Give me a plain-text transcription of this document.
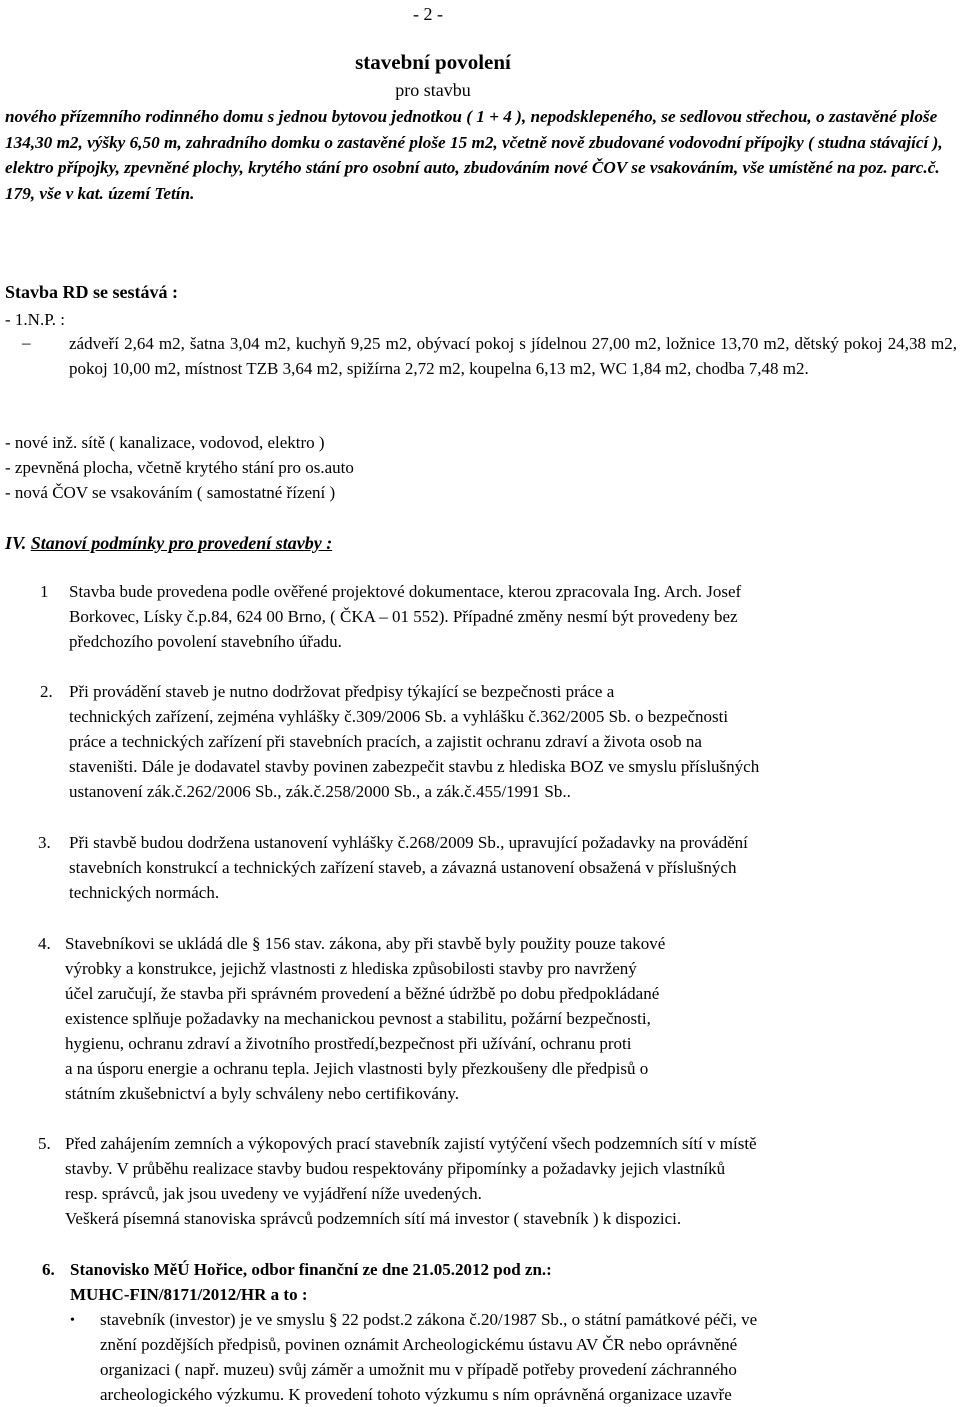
- 2 -
stavební povolení
pro stavbu
nového přízemního rodinného domu s jednou bytovou jednotkou ( 1 + 4 ), nepodsklepeného, se sedlovou střechou, o zastavěné ploše 134,30 m2, výšky 6,50 m, zahradního domku o zastavěné ploše 15 m2, včetně nově zbudované vodovodní přípojky ( studna stávající ), elektro přípojky, zpevněné plochy, krytého stání pro osobní auto, zbudováním nové ČOV se vsakováním, vše umístěné na poz. parc.č. 179, vše v kat. území Tetín.
Stavba RD se sestává :
- 1.N.P. :
– zádveří 2,64 m2, šatna 3,04 m2, kuchyň 9,25 m2, obývací pokoj s jídelnou 27,00 m2, ložnice 13,70 m2, dětský pokoj 24,38 m2, pokoj 10,00 m2, místnost TZB 3,64 m2, spižírna 2,72 m2, koupelna 6,13 m2, WC 1,84 m2, chodba 7,48 m2.
- nové inž. sítě ( kanalizace, vodovod, elektro )
- zpevněná plocha, včetně krytého stání pro os.auto
- nová ČOV se vsakováním ( samostatné řízení )
IV. Stanoví podmínky pro provedení stavby :
1 Stavba bude provedena podle ověřené projektové dokumentace, kterou zpracovala Ing. Arch. Josef
Borkovec, Lísky č.p.84, 624 00 Brno, ( ČKA – 01 552). Případné změny nesmí být provedeny bez
předchozího povolení stavebního úřadu.
2. Při provádění staveb je nutno dodržovat předpisy týkající se bezpečnosti práce a
technických zařízení, zejména vyhlášky č.309/2006 Sb. a vyhlášku č.362/2005 Sb. o bezpečnosti
práce a technických zařízení při stavebních pracích, a zajistit ochranu zdraví a života osob na
staveništi. Dále je dodavatel stavby povinen zabezpečit stavbu z hlediska BOZ ve smyslu příslušných
ustanovení zák.č.262/2006 Sb., zák.č.258/2000 Sb., a zák.č.455/1991 Sb..
3. Při stavbě budou dodržena ustanovení vyhlášky č.268/2009 Sb., upravující požadavky na provádění
stavebních konstrukcí a technických zařízení staveb, a závazná ustanovení obsažená v příslušných
technických normách.
4. Stavebníkovi se ukládá dle § 156 stav. zákona, aby při stavbě byly použity pouze takové
výrobky a konstrukce, jejichž vlastnosti z hlediska způsobilosti stavby pro navržený
účel zaručují, že stavba při správném provedení a běžné údržbě po dobu předpokládané
existence splňuje požadavky na mechanickou pevnost a stabilitu, požární bezpečnosti,
hygienu, ochranu zdraví a životního prostředí,bezpečnost při užívání, ochranu proti
a na úsporu energie a ochranu tepla. Jejich vlastnosti byly přezkoušeny dle předpisů o
státním zkušebnictví a byly schváleny nebo certifikovány.
5. Před zahájením zemních a výkopových prací stavebník zajistí vytýčení všech podzemních sítí v místě
stavby. V průběhu realizace stavby budou respektovány připomínky a požadavky jejich vlastníků
resp. správců, jak jsou uvedeny ve vyjádření níže uvedených.
Veškerá písemná stanoviska správců podzemních sítí má investor ( stavebník ) k dispozici.
6. Stanovisko MěÚ Hořice, odbor finanční ze dne 21.05.2012 pod zn.:
MUHC-FIN/8171/2012/HR a to :
• stavebník (investor) je ve smyslu § 22 podst.2 zákona č.20/1987 Sb., o státní památkové péči, ve
znění pozdějších předpisů, povinen oznámit Archeologickému ústavu AV ČR nebo oprávněné
organizaci ( např. muzeu) svůj záměr a umožnit mu v případě potřeby provedení záchranného
archeologického výzkumu. K provedení tohoto výzkumu s ním oprávněná organizace uzavře
